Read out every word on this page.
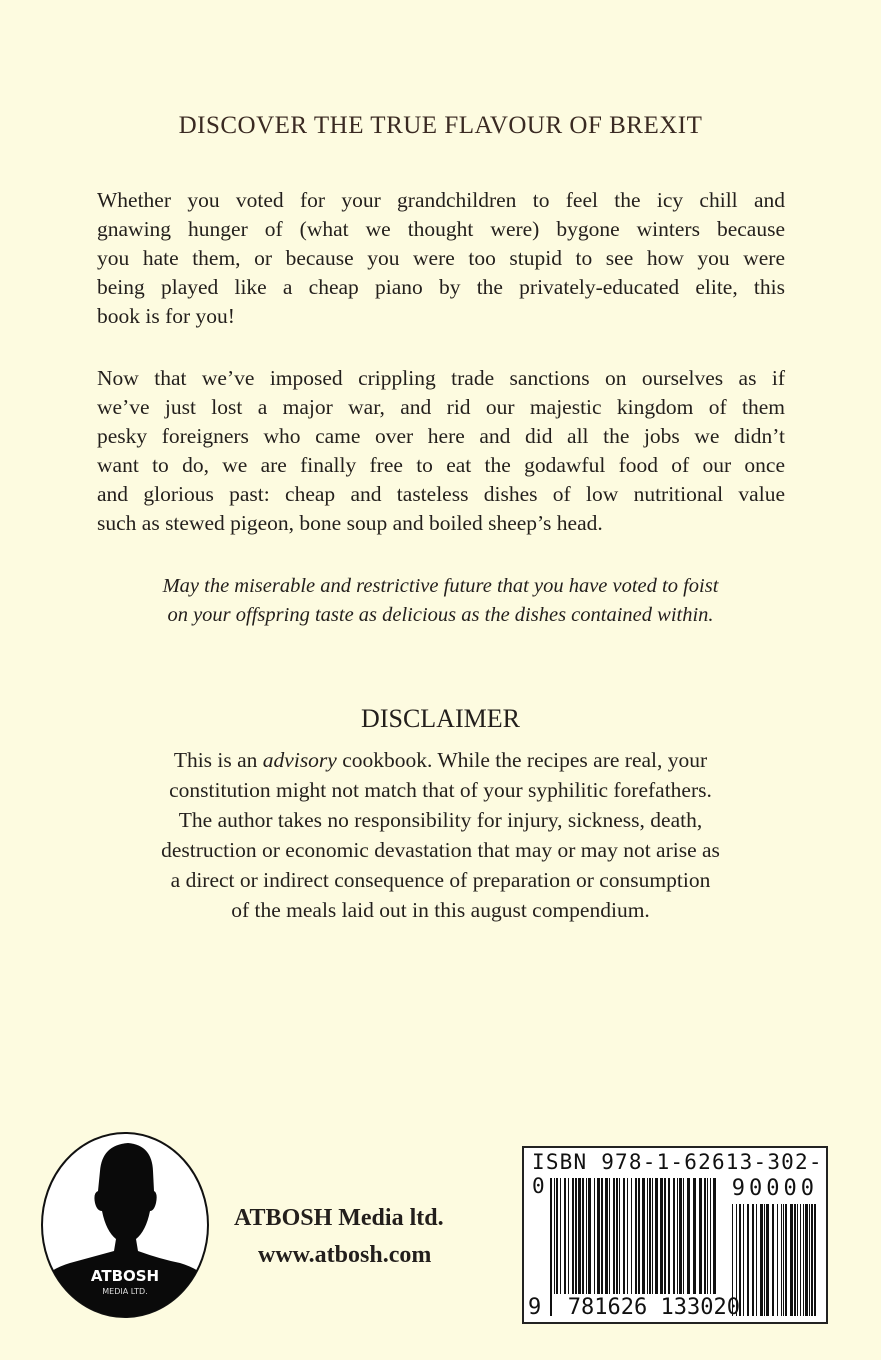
DISCOVER THE TRUE FLAVOUR OF BREXIT
Whether you voted for your grandchildren to feel the icy chill and
gnawing hunger of (what we thought were) bygone winters because
you hate them, or because you were too stupid to see how you were
being played like a cheap piano by the privately-educated elite, this
book is for you!
Now that we’ve imposed crippling trade sanctions on ourselves as if
we’ve just lost a major war, and rid our majestic kingdom of them
pesky foreigners who came over here and did all the jobs we didn’t
want to do, we are finally free to eat the godawful food of our once
and glorious past: cheap and tasteless dishes of low nutritional value
such as stewed pigeon, bone soup and boiled sheep’s head.
May the miserable and restrictive future that you have voted to foist
on your offspring taste as delicious as the dishes contained within.
DISCLAIMER
This is an advisory cookbook. While the recipes are real, your
constitution might not match that of your syphilitic forefathers.
The author takes no responsibility for injury, sickness, death,
destruction or economic devastation that may or may not arise as
a direct or indirect consequence of preparation or consumption
of the meals laid out in this august compendium.
ATBOSH
MEDIA LTD.
ATBOSH Media ltd.
www.atbosh.com
ISBN 978-1-62613-302-0	90000
9 781626 133020
